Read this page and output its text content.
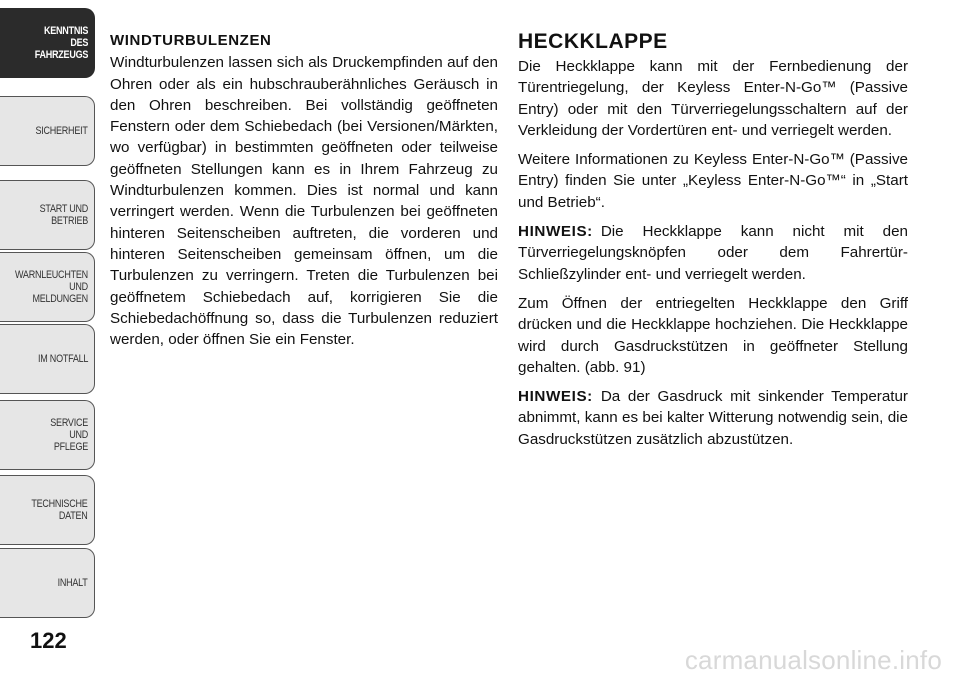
KENNTNIS
DES
FAHRZEUGS
SICHERHEIT
START UND
BETRIEB
WARNLEUCHTEN
UND
MELDUNGEN
IM NOTFALL
SERVICE
UND
PFLEGE
TECHNISCHE
DATEN
INHALT
122
WINDTURBULENZEN

Windturbulenzen lassen sich als Druckempfinden auf den Ohren oder als ein hubschrauberähnliches Geräusch in den Ohren beschreiben. Bei vollständig geöffneten Fenstern oder dem Schiebedach (bei Versionen/Märkten, wo verfügbar) in bestimmten geöffneten oder teilweise geöffneten Stellungen kann es in Ihrem Fahrzeug zu Windturbulenzen kommen. Dies ist normal und kann verringert werden. Wenn die Turbulenzen bei geöffneten hinteren Seitenscheiben auftreten, die vorderen und hinteren Seitenscheiben gemeinsam öffnen, um die Turbulenzen zu verringern. Treten die Turbulenzen bei geöffnetem Schiebedach auf, korrigieren Sie die Schiebedachöffnung so, dass die Turbulenzen reduziert werden, oder öffnen Sie ein Fenster.

HECKKLAPPE

Die Heckklappe kann mit der Fernbedienung der Türentriegelung, der Keyless Enter-N-Go™ (Passive Entry) oder mit den Türverriegelungsschaltern auf der Verkleidung der Vordertüren ent- und verriegelt werden.

Weitere Informationen zu Keyless Enter-N-Go™ (Passive Entry) finden Sie unter „Keyless Enter-N-Go™“ in „Start und Betrieb“.

HINWEIS: Die Heckklappe kann nicht mit den Türverriegelungsknöpfen oder dem Fahrertür-Schließzylinder ent- und verriegelt werden.

Zum Öffnen der entriegelten Heckklappe den Griff drücken und die Heckklappe hochziehen. Die Heckklappe wird durch Gasdruckstützen in geöffneter Stellung gehalten. (abb. 91)

HINWEIS: Da der Gasdruck mit sinkender Temperatur abnimmt, kann es bei kalter Witterung notwendig sein, die Gasdruckstützen zusätzlich abzustützen.

carmanualsonline.info
